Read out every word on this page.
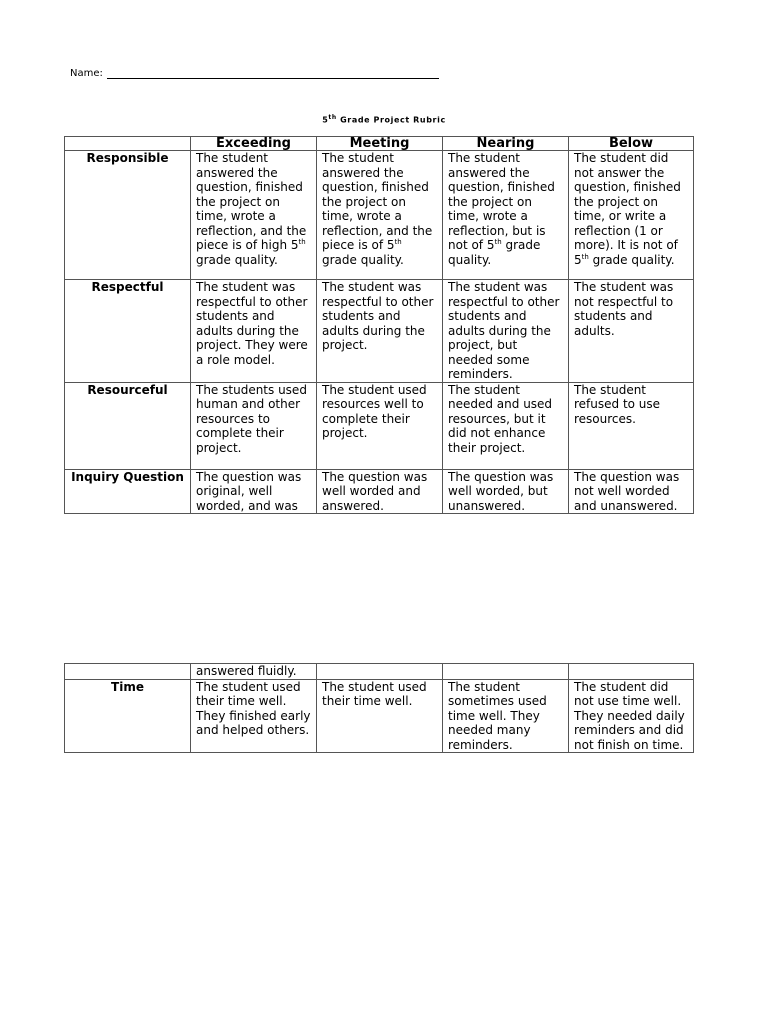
Name:
5th Grade Project Rubric
	Exceeding	Meeting	Nearing	Below
Responsible	The student answered the question, finished the project on time, wrote a reflection, and the piece is of high 5th grade quality.	The student answered the question, finished the project on time, wrote a reflection, and the piece is of 5th grade quality.	The student answered the question, finished the project on time, wrote a reflection, but is not of 5th grade quality.	The student did not answer the question, finished the project on time, or write a reflection (1 or more). It is not of 5th grade quality.
Respectful	The student was respectful to other students and adults during the project. They were a role model.	The student was respectful to other students and adults during the project.	The student was respectful to other students and adults during the project, but needed some reminders.	The student was not respectful to students and adults.
Resourceful	The students used human and other resources to complete their project.	The student used resources well to complete their project.	The student needed and used resources, but it did not enhance their project.	The student refused to use resources.
Inquiry Question	The question was original, well worded, and was	The question was well worded and answered.	The question was well worded, but unanswered.	The question was not well worded and unanswered.
	answered fluidly.			
Time	The student used their time well. They finished early and helped others.	The student used their time well.	The student sometimes used time well. They needed many reminders.	The student did not use time well. They needed daily reminders and did not finish on time.
